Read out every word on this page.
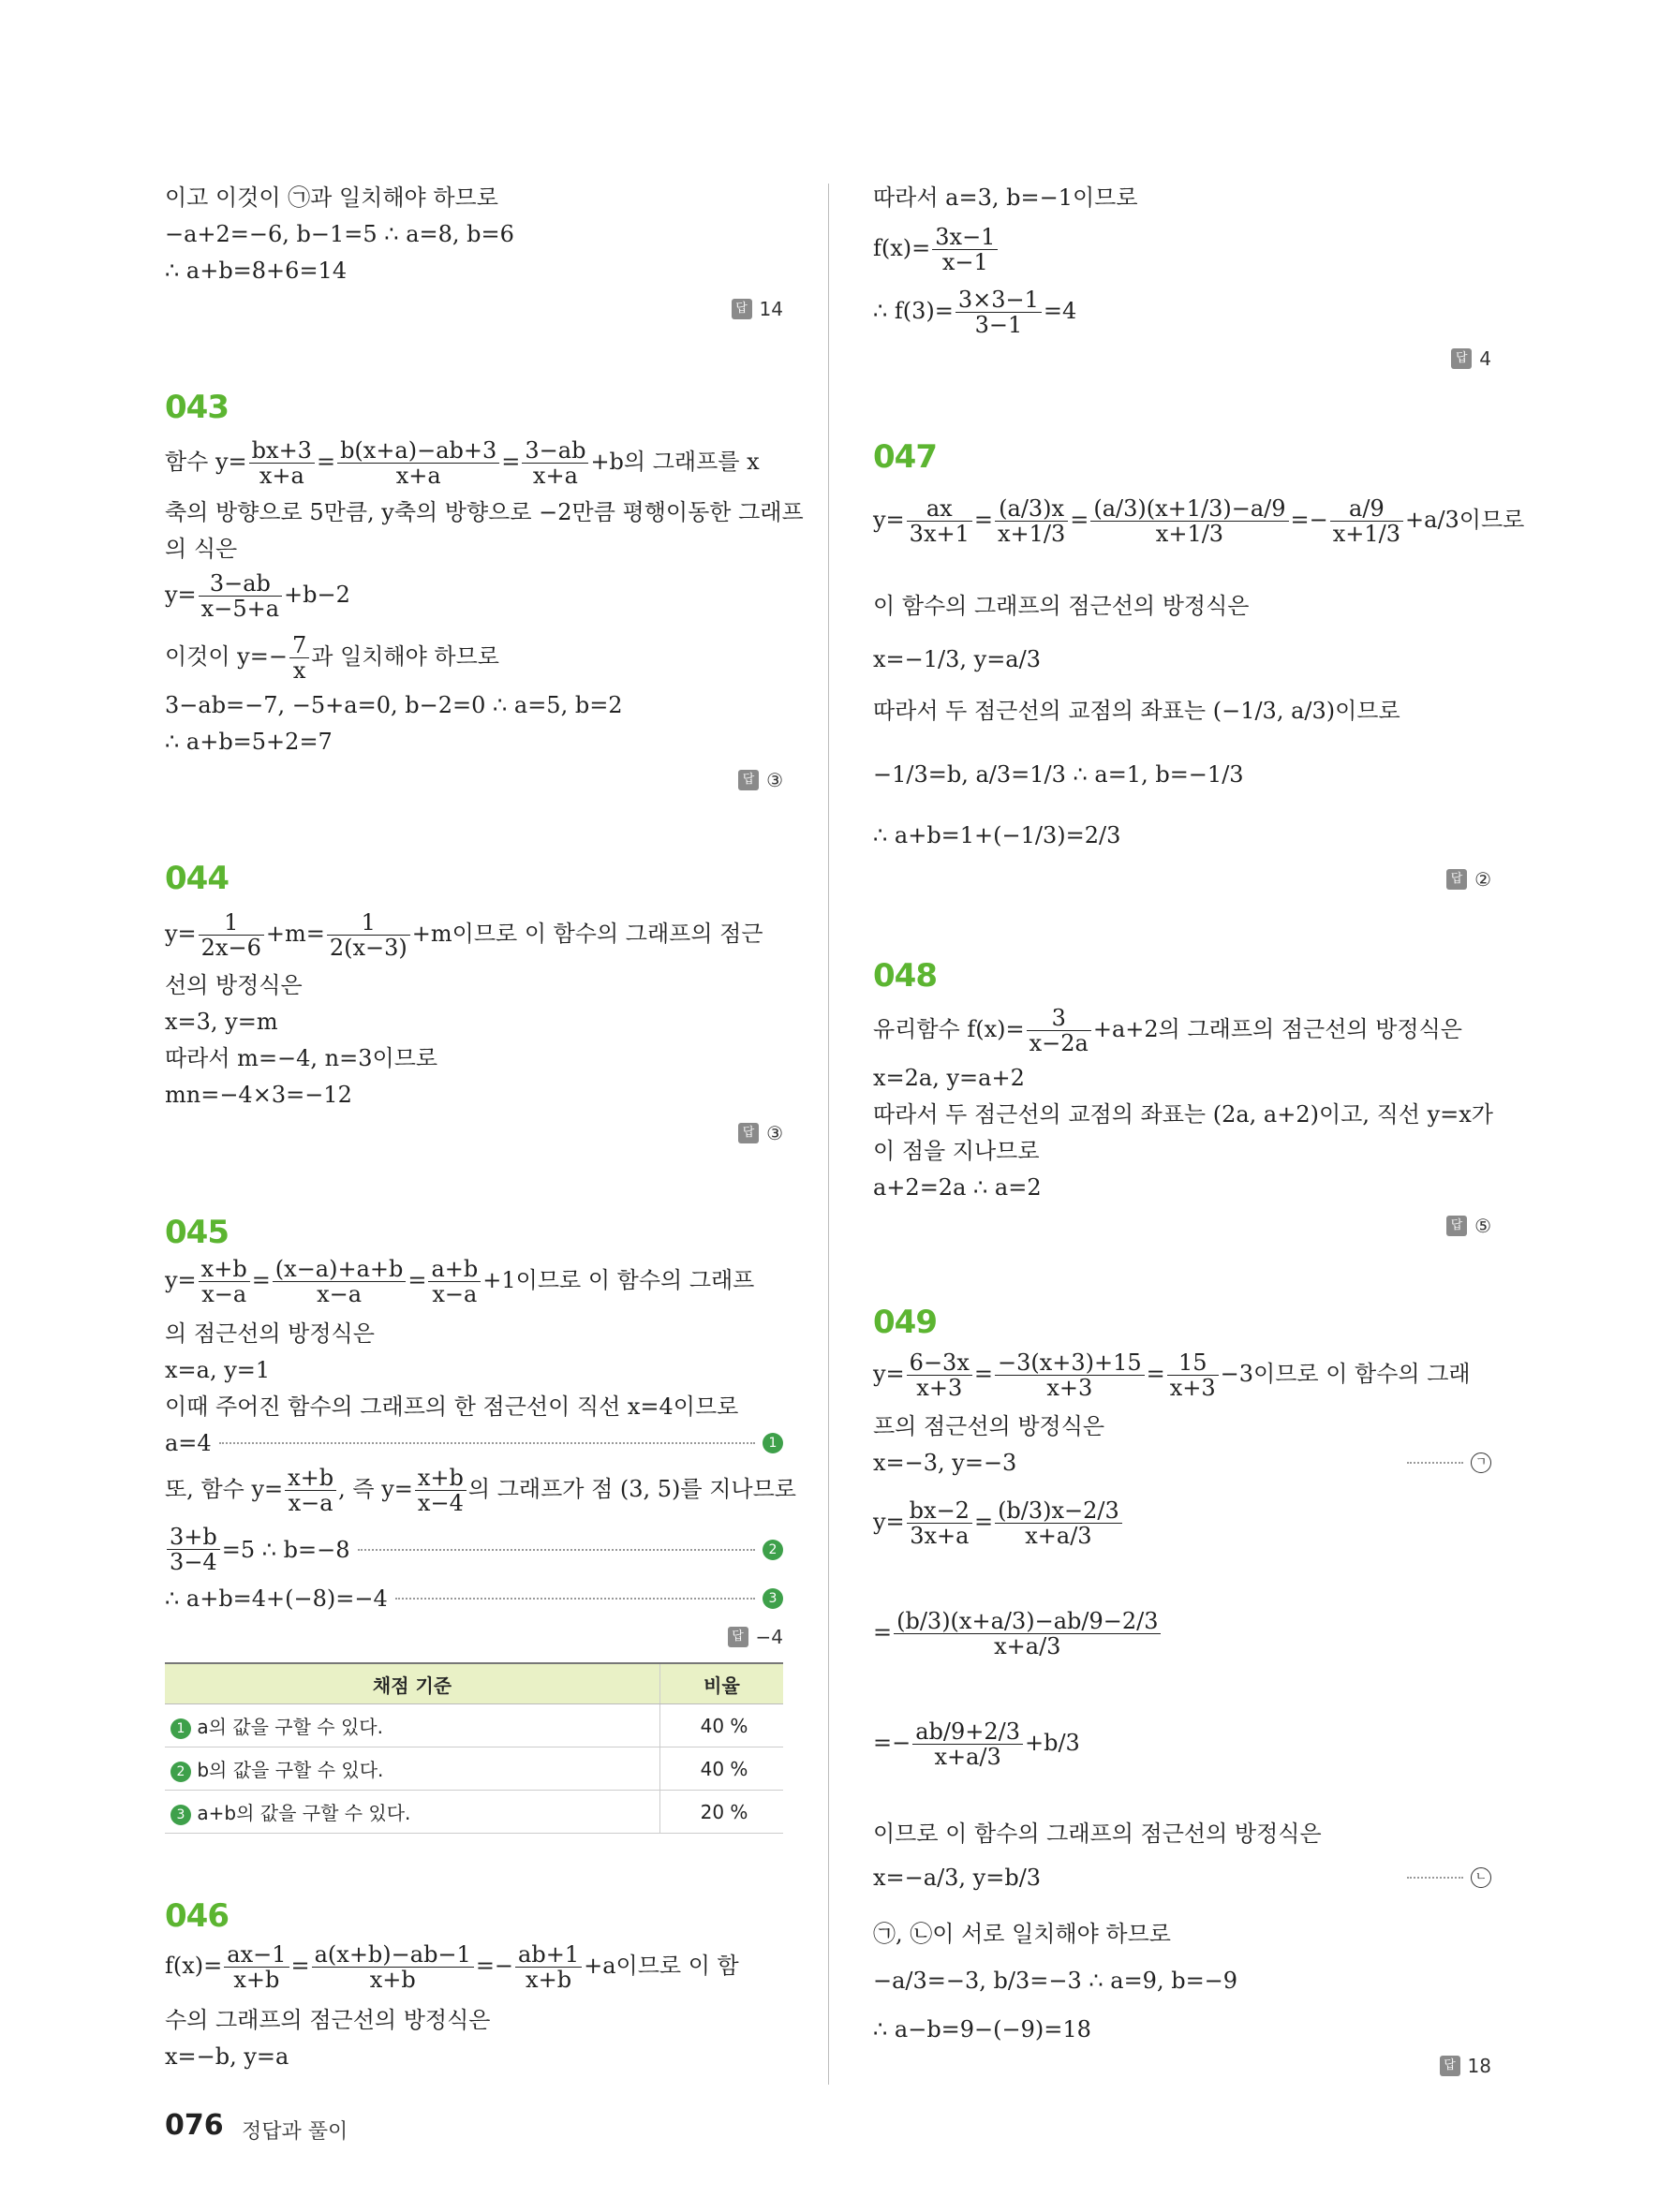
이고 이것이 ㉠과 일치해야 하므로
−a+2=−6, b−1=5 ∴ a=8, b=6
∴ a+b=8+6=14
답 14
043
함수 $y= \frac{bx+3}{x+a} = \frac{b(x+a)-ab+3}{x+a} = \frac{3-ab}{x+a} +b$의 그래프를 x
축의 방향으로 5만큼, y축의 방향으로 −2만큼 평행이동한 그래프
의 식은
$y= \frac{3-ab}{x-5+a} +b-2$
이것이 $y=- \frac{7}{x}$ 과 일치해야 하므로
3−ab=−7, −5+a=0, b−2=0 ∴ a=5, b=2
∴ a+b=5+2=7
답 ③
044
$y= \frac{1}{2x-6} +m= \frac{1}{2(x-3)} +m$이므로 이 함수의 그래프의 점근
선의 방정식은
x=3, y=m
따라서 m=−4, n=3이므로
mn=−4×3=−12
답 ③
045
$y= \frac{x+b}{x-a} = \frac{(x-a)+a+b}{x-a} = \frac{a+b}{x-a} +1$이므로 이 함수의 그래프
의 점근선의 방정식은
x=a, y=1
이때 주어진 함수의 그래프의 한 점근선이 직선 x=4이므로
a=4	1
또, 함수 $y= \frac{x+b}{x-a}$ , 즉 $y= \frac{x+b}{x-4}$ 의 그래프가 점 (3, 5)를 지나므로
$\frac{3+b}{3-4} =5$ ∴ b=−8	2
∴ a+b=4+(−8)=−4	3
답 −4
채점 기준	비율
1 a의 값을 구할 수 있다.	40 %
2 b의 값을 구할 수 있다.	40 %
3 a+b의 값을 구할 수 있다.	20 %
046
$f(x)= \frac{ax-1}{x+b} = \frac{a(x+b)-ab-1}{x+b} =- \frac{ab+1}{x+b} +a$이므로 이 함
수의 그래프의 점근선의 방정식은
x=−b, y=a
따라서 a=3, b=−1이므로
$f(x)= \frac{3x-1}{x-1}$
∴ $f(3)= \frac{3\times 3-1}{3-1} =4$
답 4
047
$y= \frac{ax}{3x+1} = \frac{(a/3)x}{x+1/3} = \frac{(a/3)(x+1/3)-a/9}{x+1/3} =- \frac{a/9}{x+1/3} +a/3$이므로
이 함수의 그래프의 점근선의 방정식은
x=−1/3, y=a/3
따라서 두 점근선의 교점의 좌표는 (−1/3, a/3)이므로
−1/3=b, a/3=1/3 ∴ a=1, b=−1/3
∴ a+b=1+(−1/3)=2/3
답 ②
048
유리함수 $f(x)= \frac{3}{x-2a} +a+2$의 그래프의 점근선의 방정식은
x=2a, y=a+2
따라서 두 점근선의 교점의 좌표는 (2a, a+2)이고, 직선 y=x가
이 점을 지나므로
a+2=2a ∴ a=2
답 ⑤
049
$y= \frac{6-3x}{x+3} = \frac{-3(x+3)+15}{x+3} = \frac{15}{x+3} -3$이므로 이 함수의 그래
프의 점근선의 방정식은
x=−3, y=−3	ㄱ
$y= \frac{bx-2}{3x+a} = \frac{(b/3)x-2/3}{x+a/3}$
= $\frac{(b/3)(x+a/3)-ab/9-2/3}{x+a/3}$
=− $\frac{ab/9+2/3}{x+a/3} +b/3$
이므로 이 함수의 그래프의 점근선의 방정식은
x=−a/3, y=b/3	ㄴ
㉠, ㉡이 서로 일치해야 하므로
−a/3=−3, b/3=−3 ∴ a=9, b=−9
∴ a−b=9−(−9)=18
답 18
076 정답과 풀이
